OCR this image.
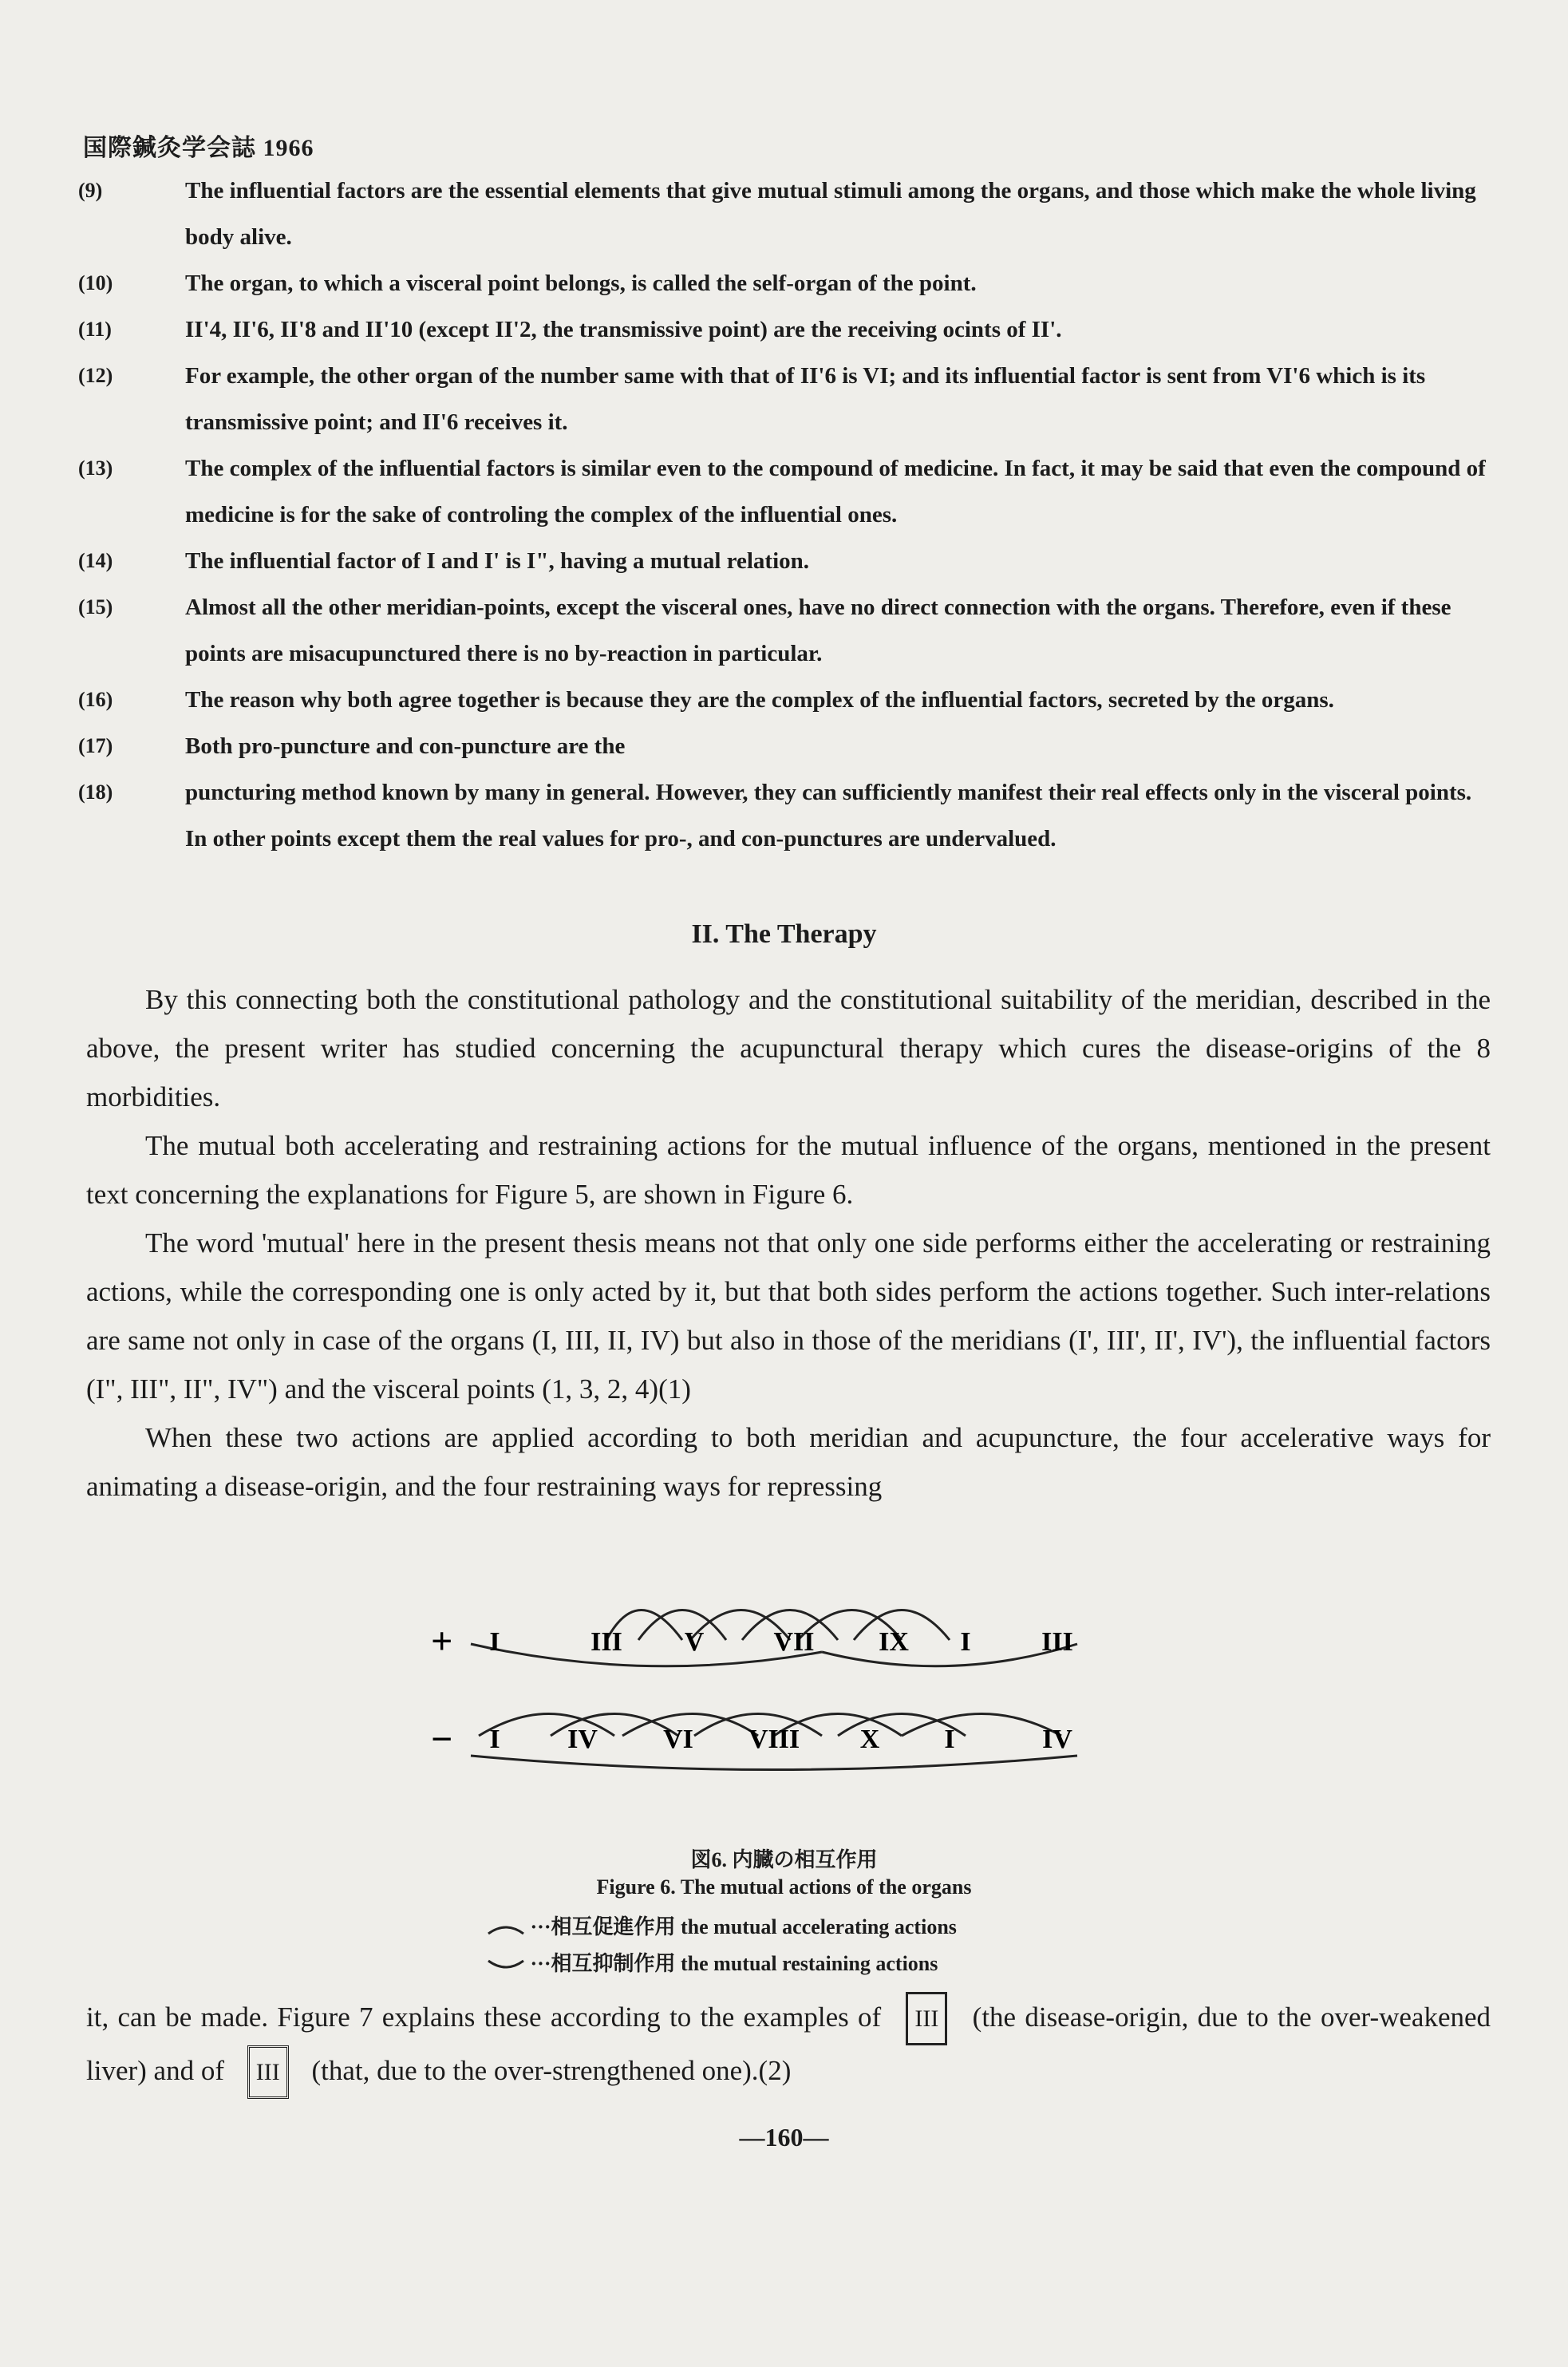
国際鍼灸学会誌 1966
(9)	The influential factors are the essential elements that give mutual stimuli among the organs, and those which make the whole living body alive.
(10)	The organ, to which a visceral point belongs, is called the self-organ of the point.
(11)	II'4, II'6, II'8 and II'10 (except II'2, the transmissive point) are the receiving ocints of II'.
(12)	For example, the other organ of the number same with that of II'6 is VI; and its influential factor is sent from VI'6 which is its transmissive point; and II'6 receives it.
(13)	The complex of the influential factors is similar even to the compound of medicine. In fact, it may be said that even the compound of medicine is for the sake of controling the complex of the influential ones.
(14)	The influential factor of I and I' is I", having a mutual relation.
(15)	Almost all the other meridian-points, except the visceral ones, have no direct connection with the organs. Therefore, even if these points are misacupunctured there is no by-reaction in particular.
(16)	The reason why both agree together is because they are the complex of the influential factors, secreted by the organs.
(17)	Both pro-puncture and con-puncture are the
(18)	puncturing method known by many in general. However, they can sufficiently manifest their real effects only in the visceral points. In other points except them the real values for pro-, and con-punctures are undervalued.
II. The Therapy

By this connecting both the constitutional pathology and the constitutional suitability of the meridian, described in the above, the present writer has studied concerning the acupunctural therapy which cures the disease-origins of the 8 morbidities.

The mutual both accelerating and restraining actions for the mutual influence of the organs, mentioned in the present text concerning the explanations for Figure 5, are shown in Figure 6.

The word 'mutual' here in the present thesis means not that only one side performs either the accelerating or restraining actions, while the corresponding one is only acted by it, but that both sides perform the actions together. Such inter-relations are same not only in case of the organs (I, III, II, IV) but also in those of the meridians (I', III', II', IV'), the influential factors (I", III", II", IV") and the visceral points (1, 3, 2, 4)(1)

When these two actions are applied according to both meridian and acupuncture, the four accelerative ways for animating a disease-origin, and the four restraining ways for repressing

+
−
I	III V	VII IX I	III
I IV VI VIII X I	IV
図6. 内臓の相互作用
Figure 6. The mutual actions of the organs
···相互促進作用 the mutual accelerating actions
···相互抑制作用 the mutual restaining actions
it, can be made. Figure 7 explains these according to the examples of III (the disease-origin, due to the over-weakened liver) and of III (that, due to the over-strengthened one).(2)
—160—
